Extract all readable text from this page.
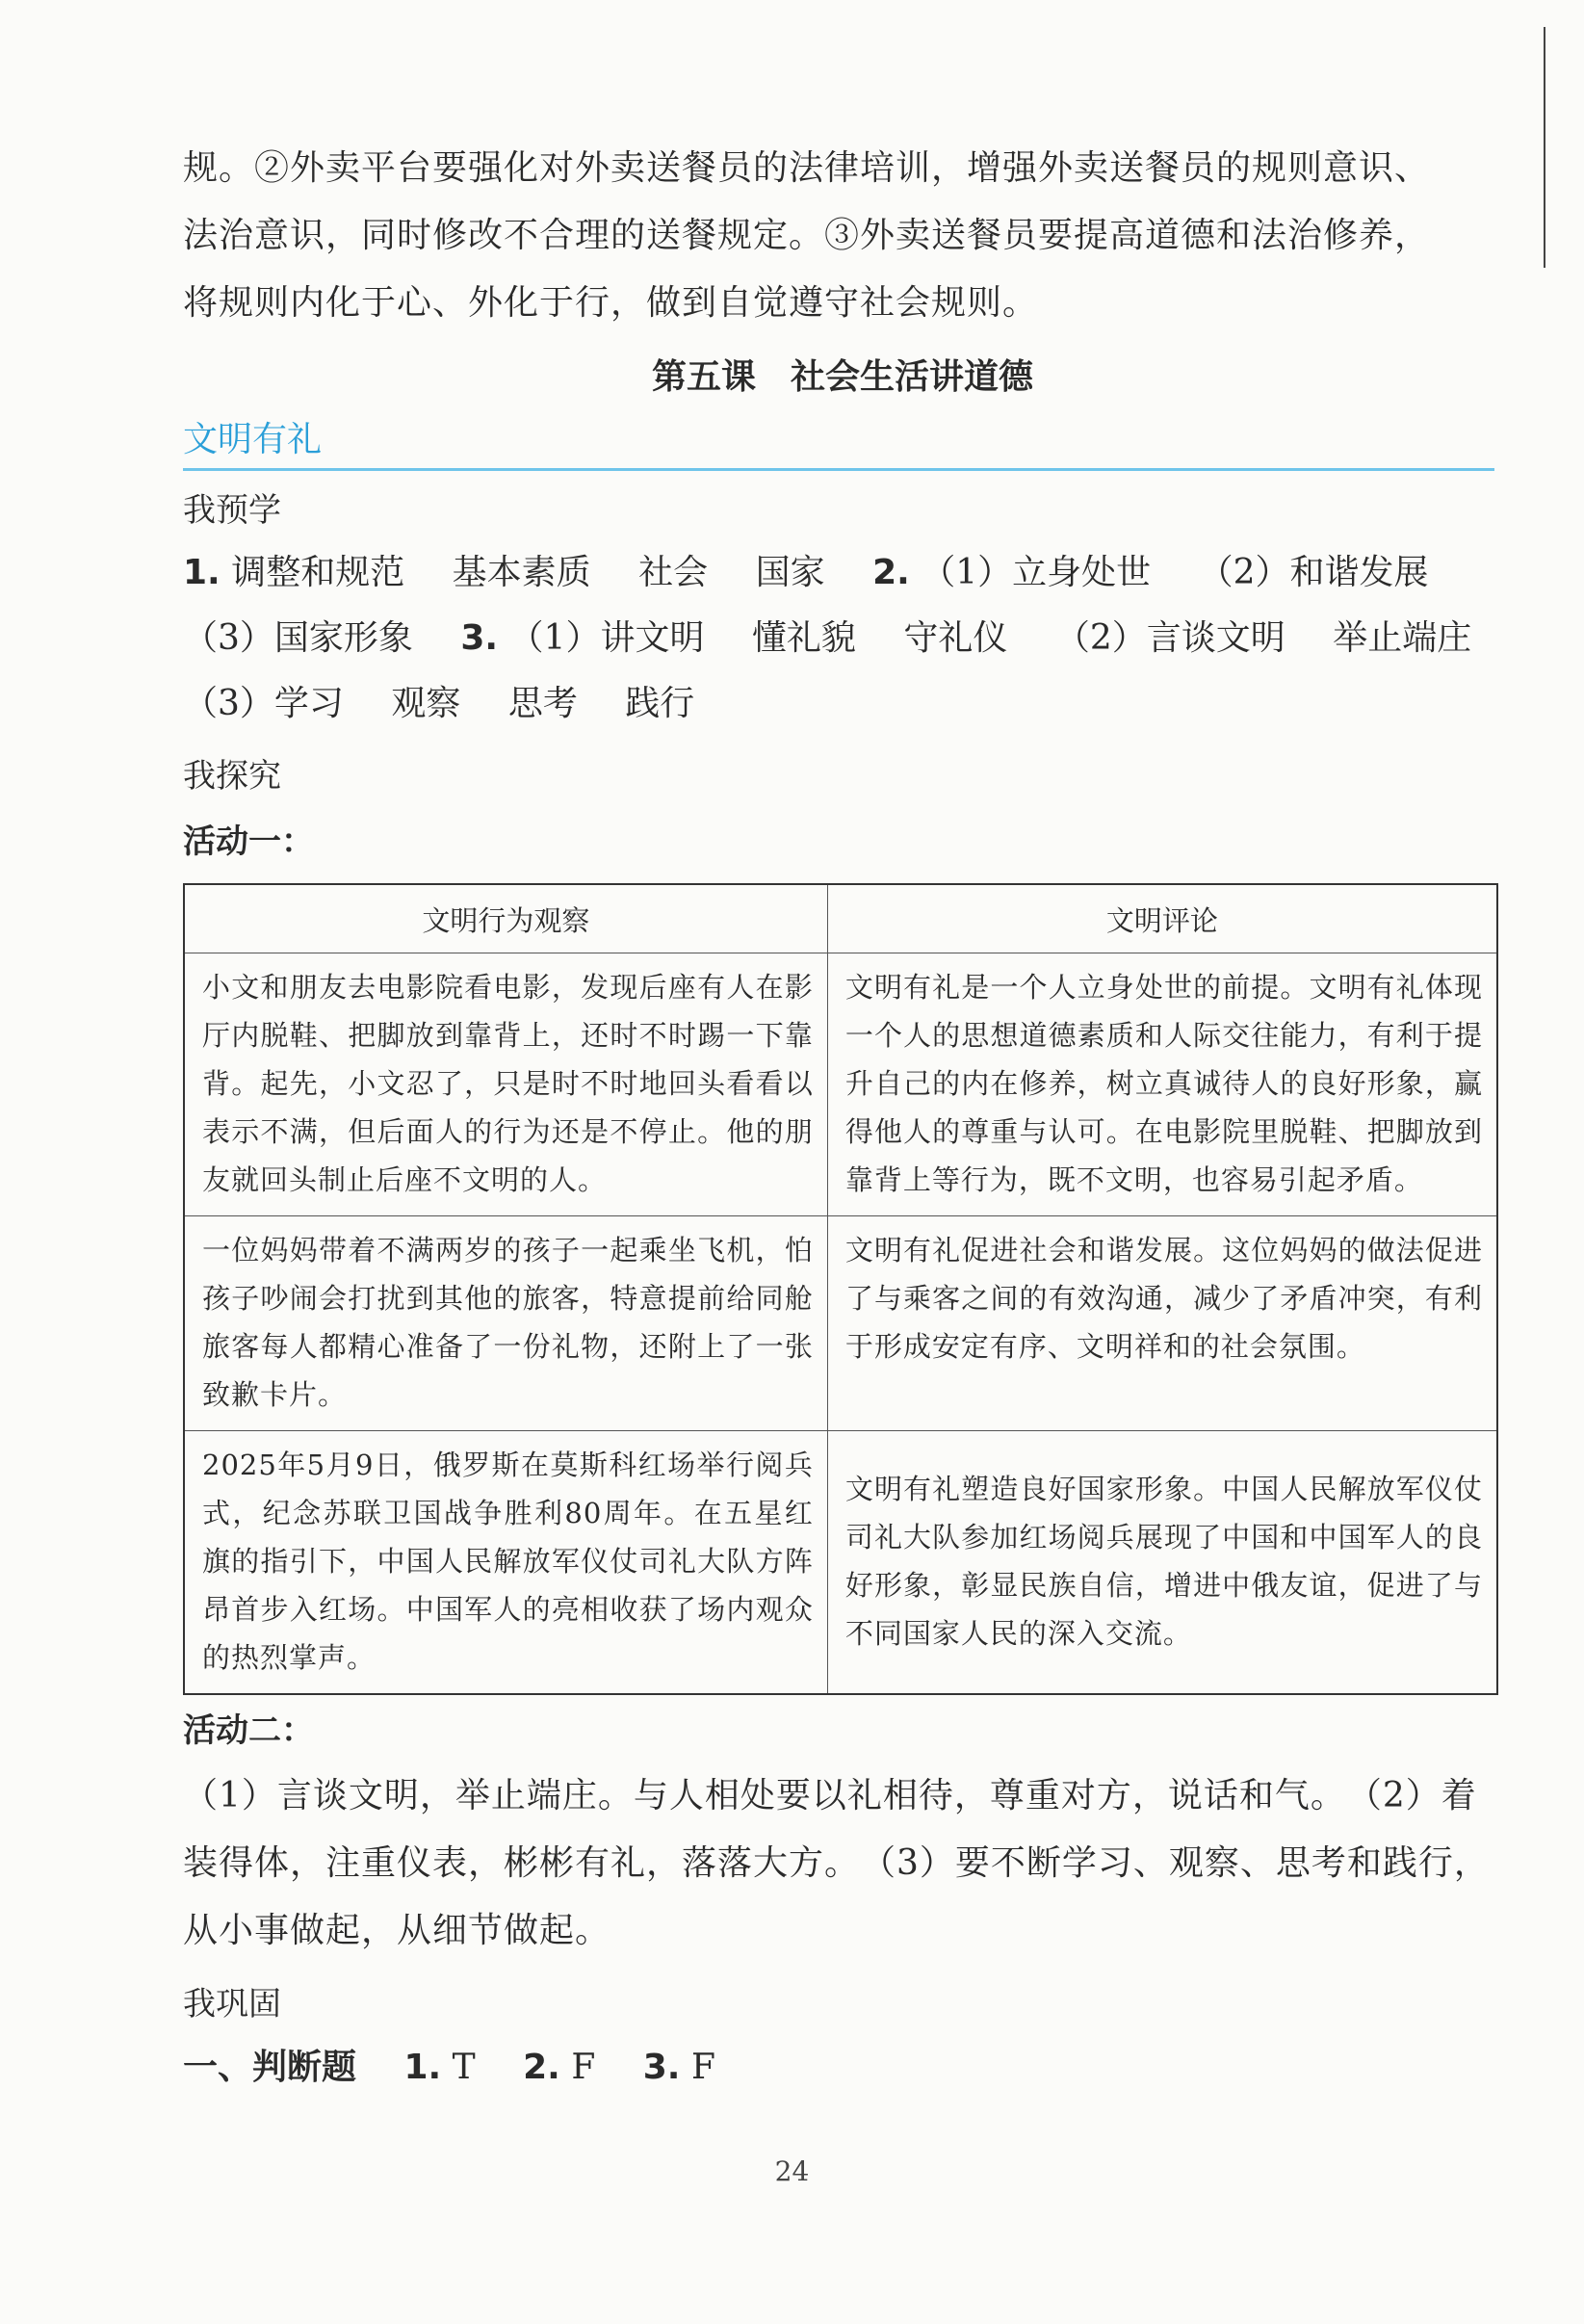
规。②外卖平台要强化对外卖送餐员的法律培训，增强外卖送餐员的规则意识、

法治意识，同时修改不合理的送餐规定。③外卖送餐员要提高道德和法治修养，

将规则内化于心、外化于行，做到自觉遵守社会规则。

第五课　社会生活讲道德
文明有礼
我预学

1. 调整和规范 基本素质 社会 国家 2. （1）立身处世 （2）和谐发展

（3）国家形象 3. （1）讲文明 懂礼貌 守礼仪 （2）言谈文明 举止端庄

（3）学习 观察 思考 践行

我探究
活动一：
文明行为观察	文明评论
小文和朋友去电影院看电影，发现后座有人在影厅内脱鞋、把脚放到靠背上，还时不时踢一下靠背。起先，小文忍了，只是时不时地回头看看以表示不满，但后面人的行为还是不停止。他的朋友就回头制止后座不文明的人。	文明有礼是一个人立身处世的前提。文明有礼体现一个人的思想道德素质和人际交往能力，有利于提升自己的内在修养，树立真诚待人的良好形象，赢得他人的尊重与认可。在电影院里脱鞋、把脚放到靠背上等行为，既不文明，也容易引起矛盾。
一位妈妈带着不满两岁的孩子一起乘坐飞机，怕孩子吵闹会打扰到其他的旅客，特意提前给同舱旅客每人都精心准备了一份礼物，还附上了一张致歉卡片。	文明有礼促进社会和谐发展。这位妈妈的做法促进了与乘客之间的有效沟通，减少了矛盾冲突，有利于形成安定有序、文明祥和的社会氛围。
2025年5月9日，俄罗斯在莫斯科红场举行阅兵式，纪念苏联卫国战争胜利80周年。在五星红旗的指引下，中国人民解放军仪仗司礼大队方阵昂首步入红场。中国军人的亮相收获了场内观众的热烈掌声。	文明有礼塑造良好国家形象。中国人民解放军仪仗司礼大队参加红场阅兵展现了中国和中国军人的良好形象，彰显民族自信，增进中俄友谊，促进了与不同国家人民的深入交流。
活动二：

（1）言谈文明，举止端庄。与人相处要以礼相待，尊重对方，说话和气。　（2）着装得体，注重仪表，彬彬有礼，落落大方。　（3）要不断学习、观察、思考和践行，从小事做起，从细节做起。

我巩固
一、判断题 1. T 2. F 3. F
24
